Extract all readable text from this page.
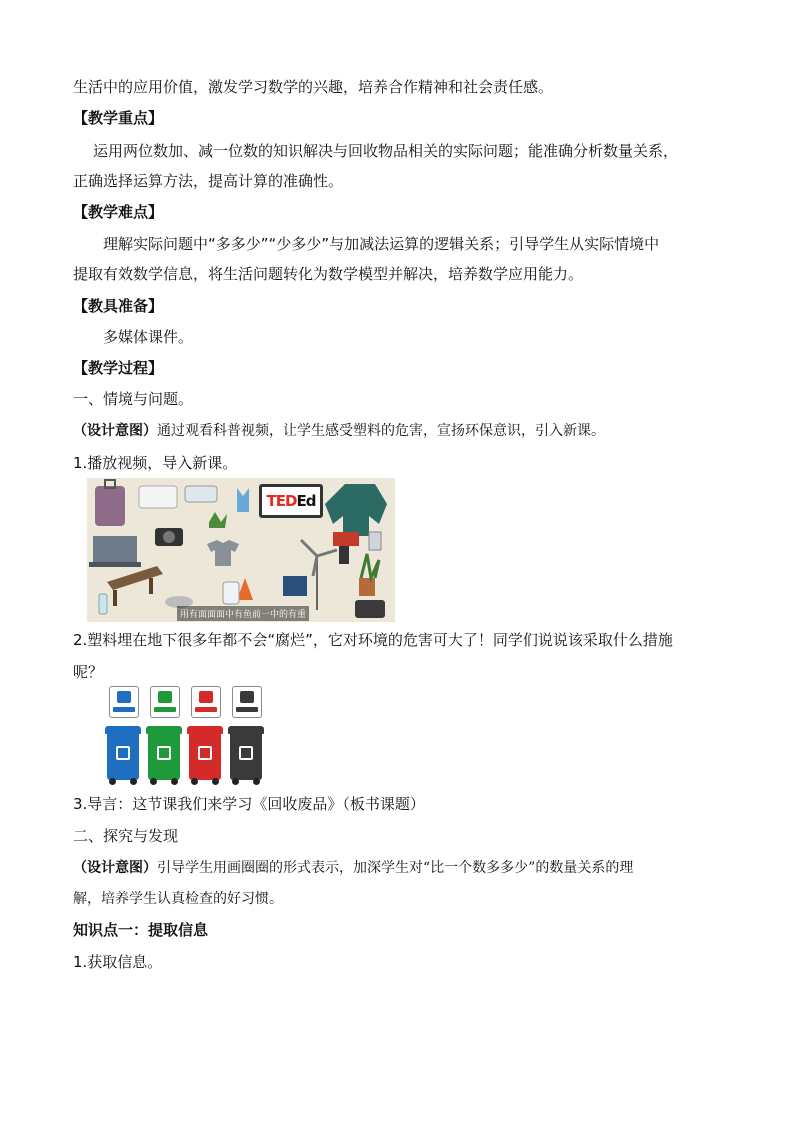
生活中的应用价值，激发学习数学的兴趣，培养合作精神和社会责任感。
【教学重点】
运用两位数加、减一位数的知识解决与回收物品相关的实际问题；能准确分析数量关系，
正确选择运算方法，提高计算的准确性。
【教学难点】
理解实际问题中“多多少”“少多少”与加减法运算的逻辑关系；引导学生从实际情境中
提取有效数学信息，将生活问题转化为数学模型并解决，培养数学应用能力。
【教具准备】
多媒体课件。
【教学过程】
一、情境与问题。
（设计意图）通过观看科普视频，让学生感受塑料的危害，宣扬环保意识，引入新课。
1.播放视频，导入新课。
TED Ed
用有面面面中有鱼前一中的有重
2.塑料埋在地下很多年都不会“腐烂”，它对环境的危害可大了！同学们说说该采取什么措施
呢？
3.导言：这节课我们来学习《回收废品》（板书课题）
二、探究与发现
（设计意图）引导学生用画圈圈的形式表示，加深学生对“比一个数多多少”的数量关系的理
解，培养学生认真检查的好习惯。
知识点一：提取信息
1.获取信息。
